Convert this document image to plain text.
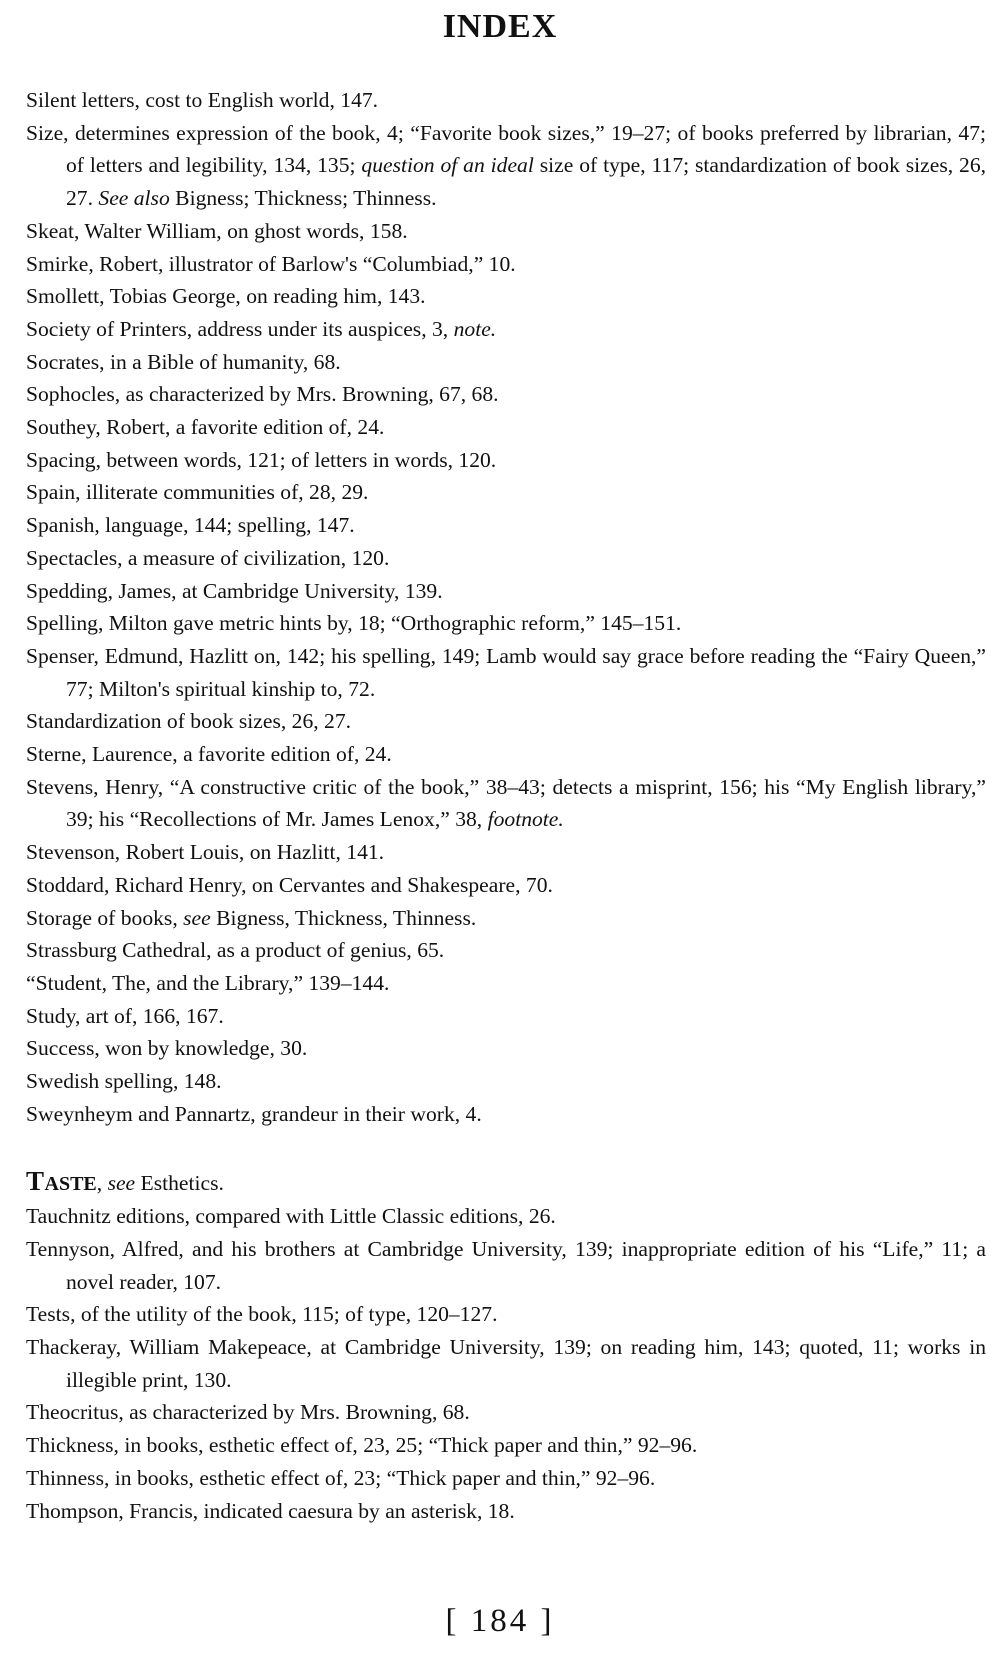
INDEX

Silent letters, cost to English world, 147.

Size, determines expression of the book, 4; “Favorite book sizes,” 19–27; of books preferred by librarian, 47; of letters and legibility, 134, 135; question of an ideal size of type, 117; standardization of book sizes, 26, 27. See also Bigness; Thickness; Thinness.

Skeat, Walter William, on ghost words, 158.

Smirke, Robert, illustrator of Barlow's “Columbiad,” 10.

Smollett, Tobias George, on reading him, 143.

Society of Printers, address under its auspices, 3, note.

Socrates, in a Bible of humanity, 68.

Sophocles, as characterized by Mrs. Browning, 67, 68.

Southey, Robert, a favorite edition of, 24.

Spacing, between words, 121; of letters in words, 120.

Spain, illiterate communities of, 28, 29.

Spanish, language, 144; spelling, 147.

Spectacles, a measure of civilization, 120.

Spedding, James, at Cambridge University, 139.

Spelling, Milton gave metric hints by, 18; “Orthographic reform,” 145–151.

Spenser, Edmund, Hazlitt on, 142; his spelling, 149; Lamb would say grace before reading the “Fairy Queen,” 77; Milton's spiritual kinship to, 72.

Standardization of book sizes, 26, 27.

Sterne, Laurence, a favorite edition of, 24.

Stevens, Henry, “A constructive critic of the book,” 38–43; detects a misprint, 156; his “My English library,” 39; his “Recollections of Mr. James Lenox,” 38, footnote.

Stevenson, Robert Louis, on Hazlitt, 141.

Stoddard, Richard Henry, on Cervantes and Shakespeare, 70.

Storage of books, see Bigness, Thickness, Thinness.

Strassburg Cathedral, as a product of genius, 65.

“Student, The, and the Library,” 139–144.

Study, art of, 166, 167.

Success, won by knowledge, 30.

Swedish spelling, 148.

Sweynheym and Pannartz, grandeur in their work, 4.

TASTE, see Esthetics.

Tauchnitz editions, compared with Little Classic editions, 26.

Tennyson, Alfred, and his brothers at Cambridge University, 139; inappropriate edition of his “Life,” 11; a novel reader, 107.

Tests, of the utility of the book, 115; of type, 120–127.

Thackeray, William Makepeace, at Cambridge University, 139; on reading him, 143; quoted, 11; works in illegible print, 130.

Theocritus, as characterized by Mrs. Browning, 68.

Thickness, in books, esthetic effect of, 23, 25; “Thick paper and thin,” 92–96.

Thinness, in books, esthetic effect of, 23; “Thick paper and thin,” 92–96.

Thompson, Francis, indicated caesura by an asterisk, 18.

[ 184 ]
